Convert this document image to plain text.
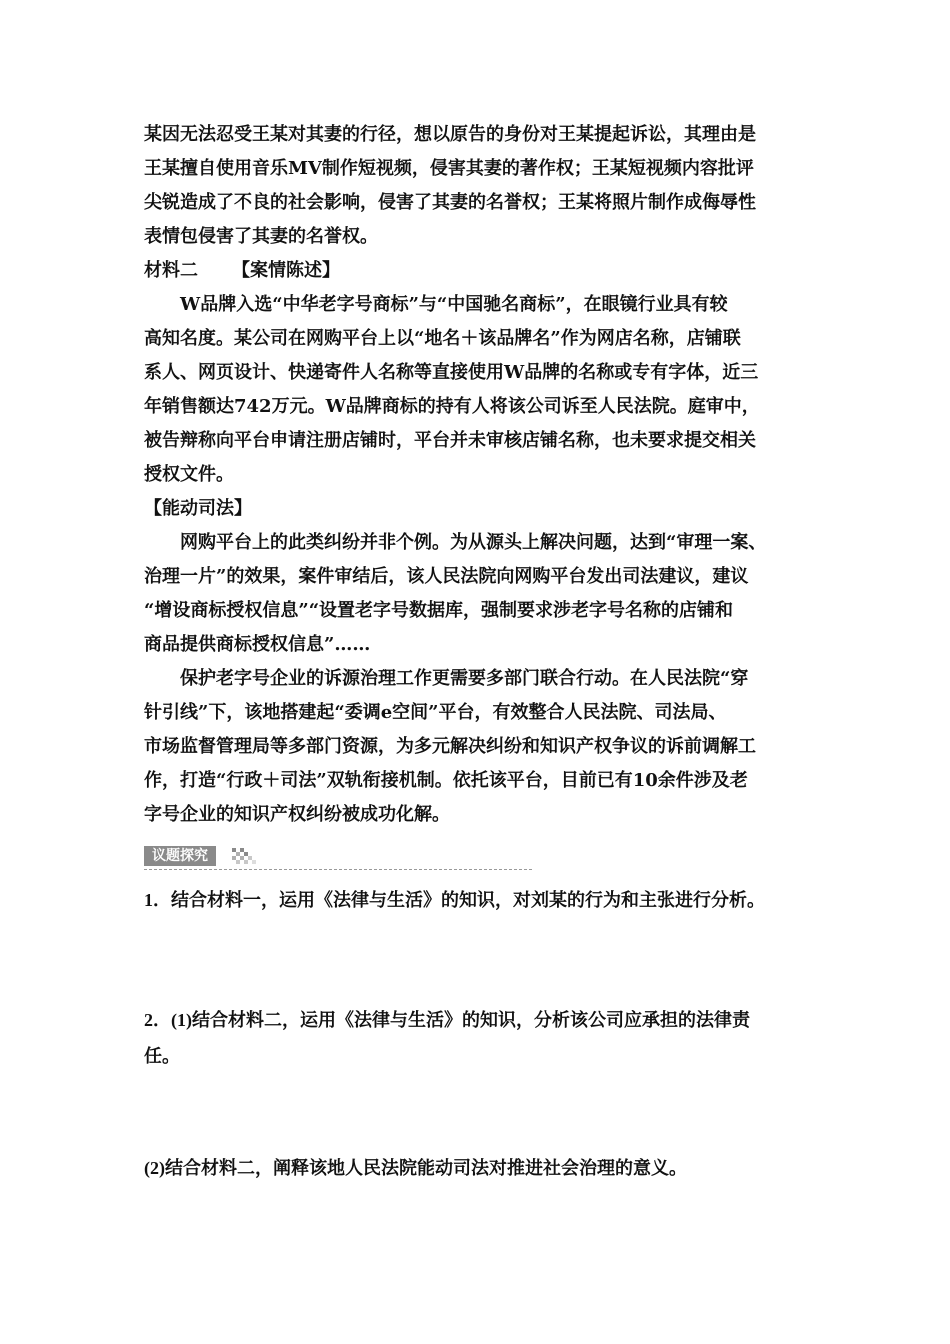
某因无法忍受王某对其妻的行径，想以原告的身份对王某提起诉讼，其理由是

王某擅自使用音乐MV制作短视频，侵害其妻的著作权；王某短视频内容批评

尖锐造成了不良的社会影响，侵害了其妻的名誉权；王某将照片制作成侮辱性

表情包侵害了其妻的名誉权。

材料二 【案情陈述】

W品牌入选“中华老字号商标”与“中国驰名商标”，在眼镜行业具有较

高知名度。某公司在网购平台上以“地名＋该品牌名”作为网店名称，店铺联

系人、网页设计、快递寄件人名称等直接使用W品牌的名称或专有字体，近三

年销售额达742万元。W品牌商标的持有人将该公司诉至人民法院。庭审中，

被告辩称向平台申请注册店铺时，平台并未审核店铺名称，也未要求提交相关

授权文件。

【能动司法】

网购平台上的此类纠纷并非个例。为从源头上解决问题，达到“审理一案、

治理一片”的效果，案件审结后，该人民法院向网购平台发出司法建议，建议

“增设商标授权信息”“设置老字号数据库，强制要求涉老字号名称的店铺和

商品提供商标授权信息”……

保护老字号企业的诉源治理工作更需要多部门联合行动。在人民法院“穿

针引线”下，该地搭建起“委调e空间”平台，有效整合人民法院、司法局、

市场监督管理局等多部门资源，为多元解决纠纷和知识产权争议的诉前调解工

作，打造“行政＋司法”双轨衔接机制。依托该平台，目前已有10余件涉及老

字号企业的知识产权纠纷被成功化解。

议题探究

1．结合材料一，运用《法律与生活》的知识，对刘某的行为和主张进行分析。

2．(1)结合材料二，运用《法律与生活》的知识，分析该公司应承担的法律责

任。

(2)结合材料二，阐释该地人民法院能动司法对推进社会治理的意义。
